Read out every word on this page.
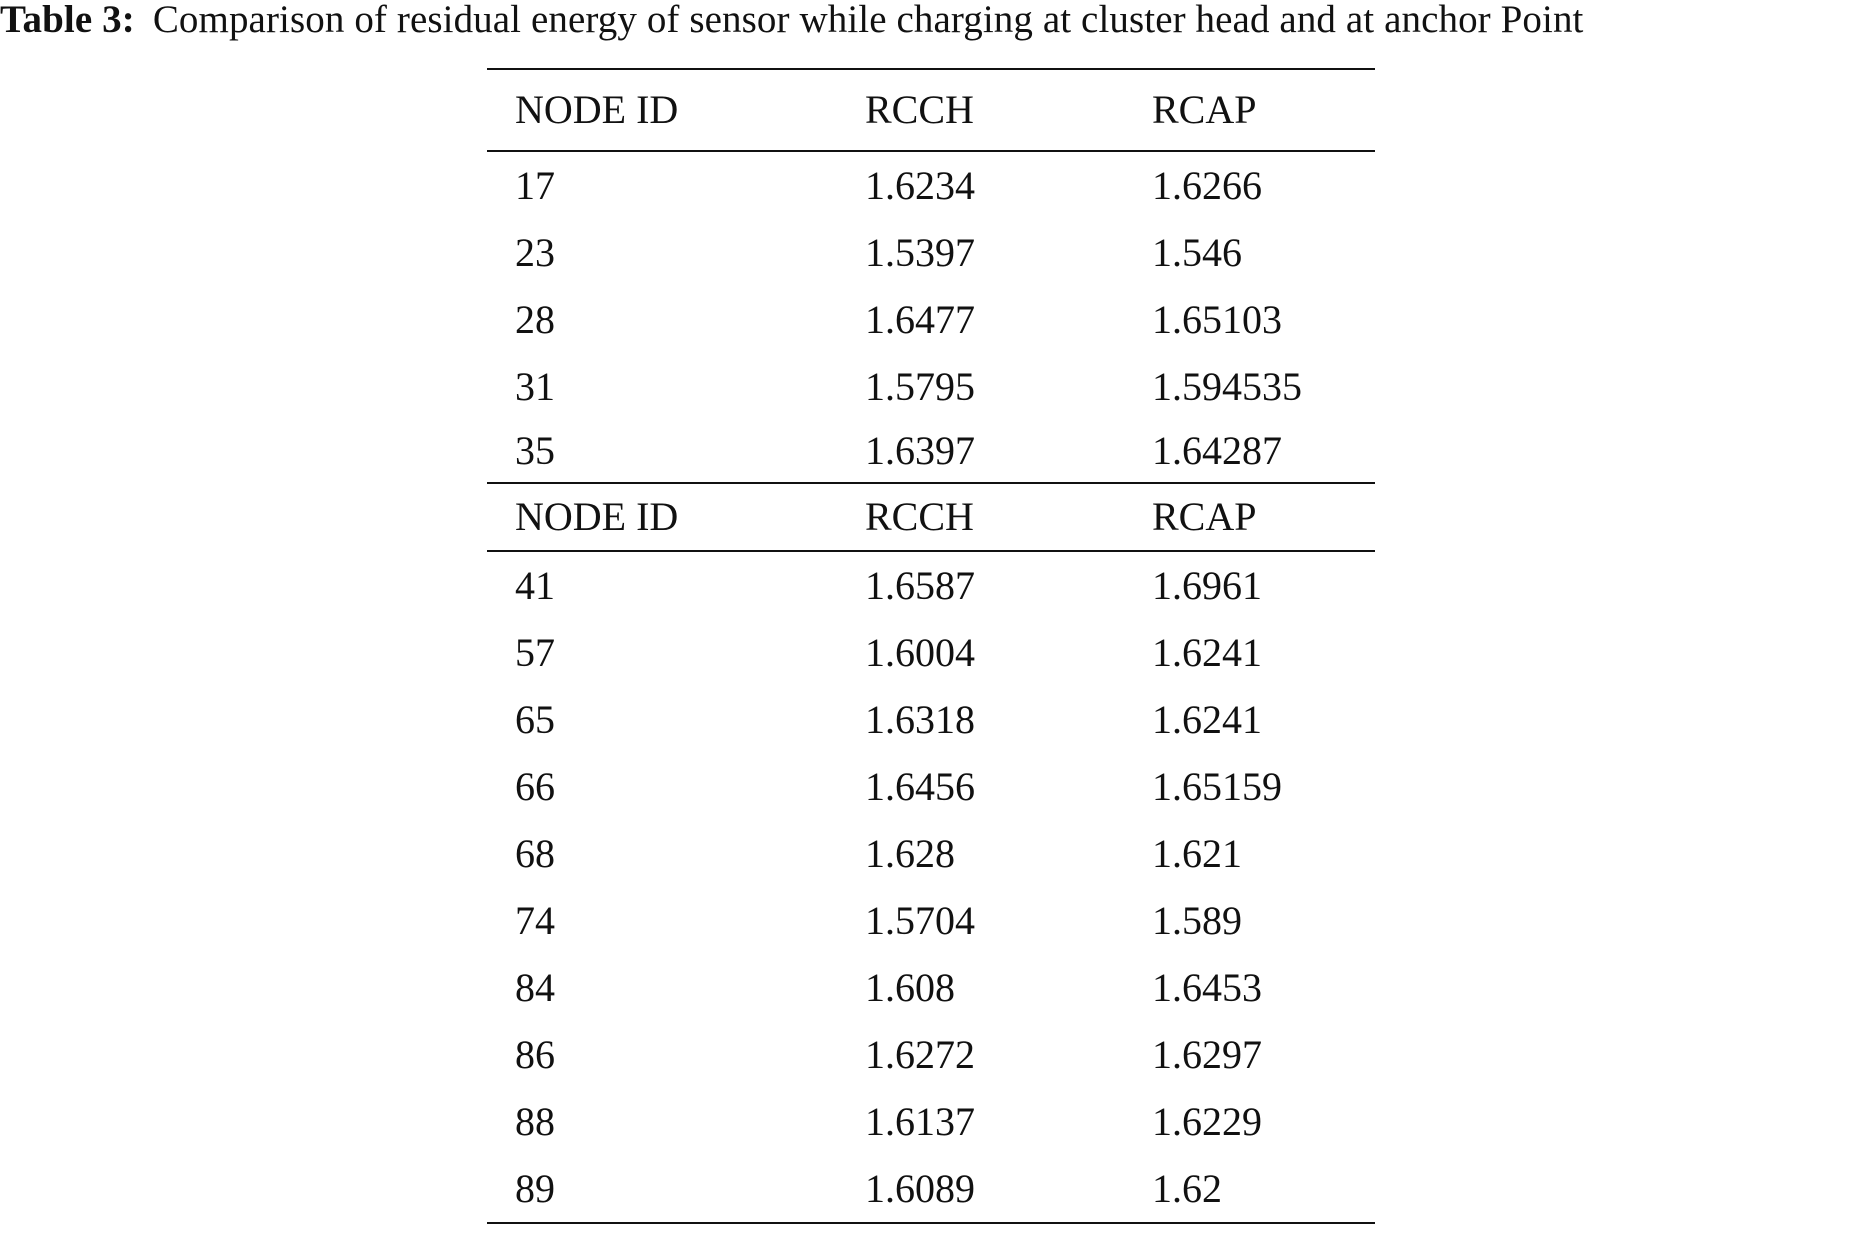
Table 3: Comparison of residual energy of sensor while charging at cluster head and at anchor Point
NODE ID	RCCH	RCAP
17	1.6234	1.6266
23	1.5397	1.546
28	1.6477	1.65103
31	1.5795	1.594535
35	1.6397	1.64287
NODE ID	RCCH	RCAP
41	1.6587	1.6961
57	1.6004	1.6241
65	1.6318	1.6241
66	1.6456	1.65159
68	1.628	1.621
74	1.5704	1.589
84	1.608	1.6453
86	1.6272	1.6297
88	1.6137	1.6229
89	1.6089	1.62
